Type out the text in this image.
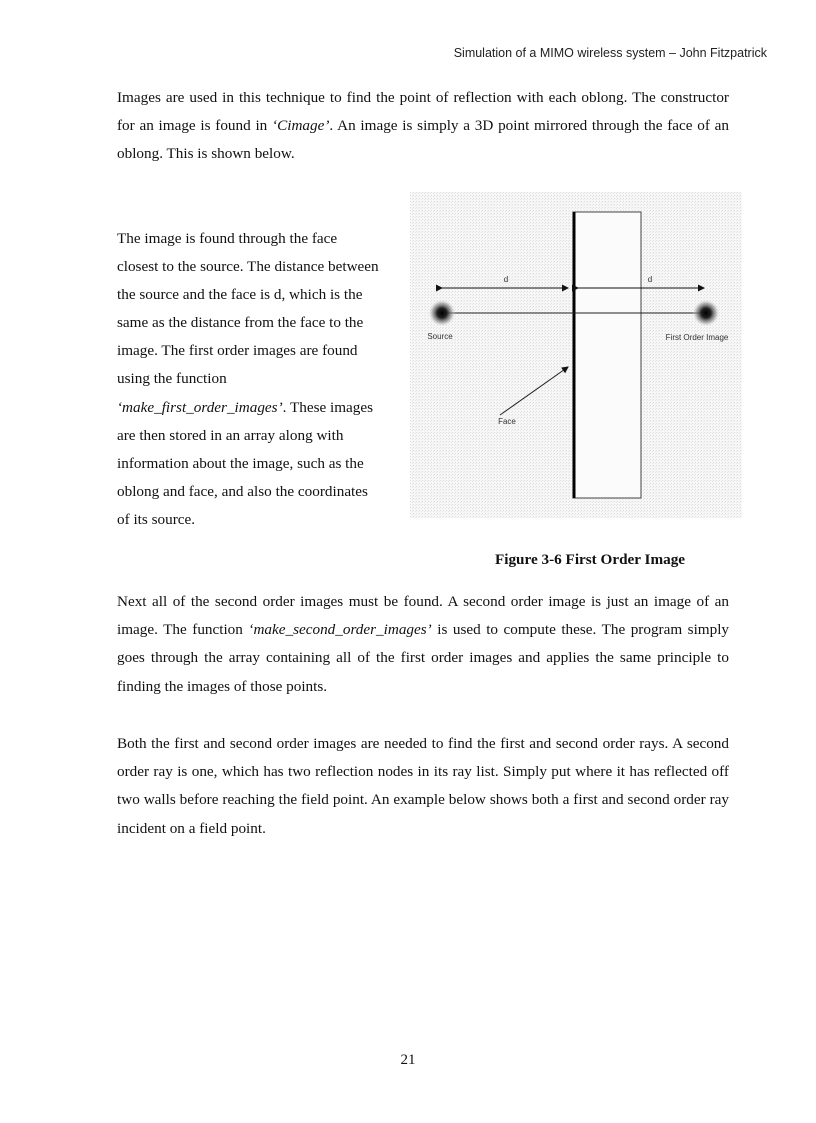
Simulation of a MIMO wireless system – John Fitzpatrick

Images are used in this technique to find the point of reflection with each oblong. The constructor for an image is found in ‘Cimage’. An image is simply a 3D point mirrored through the face of an oblong. This is shown below.

The image is found through the face
closest to the source. The distance between
the source and the face is d, which is the
same as the distance from the face to the
image. The first order images are found
using the function
‘make_first_order_images’. These images
are then stored in an array along with
information about the image, such as the
oblong and face, and also the coordinates
of its source.
d	d
Source	First Order Image
Face
Figure 3-6 First Order Image

Next all of the second order images must be found. A second order image is just an image of an image. The function ‘make_second_order_images’ is used to compute these. The program simply goes through the array containing all of the first order images and applies the same principle to finding the images of those points.

Both the first and second order images are needed to find the first and second order rays. A second order ray is one, which has two reflection nodes in its ray list. Simply put where it has reflected off two walls before reaching the field point. An example below shows both a first and second order ray incident on a field point.

21
